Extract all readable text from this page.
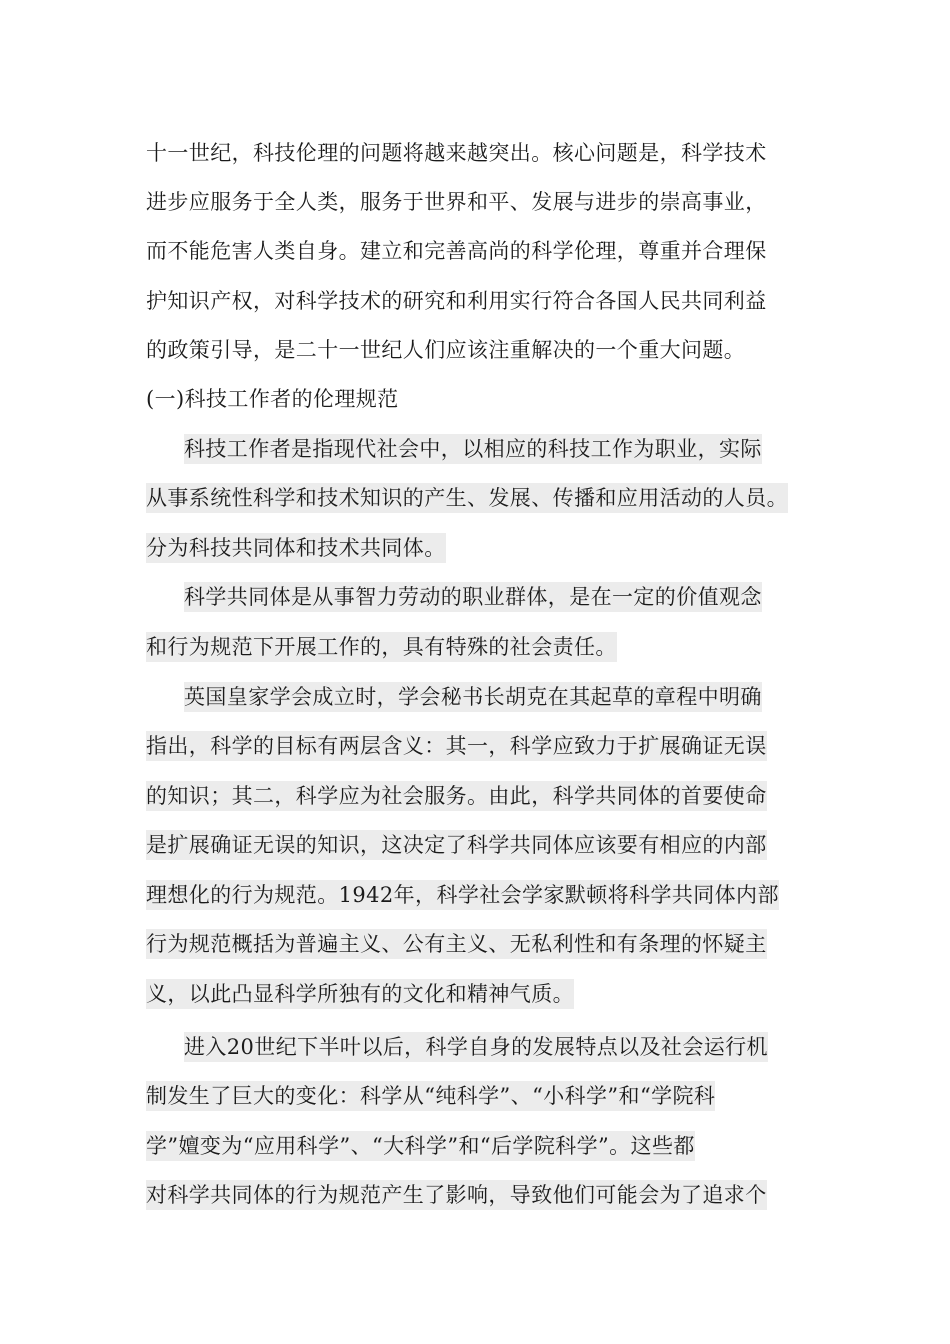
十一世纪，科技伦理的问题将越来越突出。核心问题是，科学技术
进步应服务于全人类，服务于世界和平、发展与进步的崇高事业，
而不能危害人类自身。建立和完善高尚的科学伦理，尊重并合理保
护知识产权，对科学技术的研究和利用实行符合各国人民共同利益
的政策引导，是二十一世纪人们应该注重解决的一个重大问题。
(一)科技工作者的伦理规范
科技工作者是指现代社会中，以相应的科技工作为职业，实际
从事系统性科学和技术知识的产生、发展、传播和应用活动的人员。
分为科技共同体和技术共同体。
科学共同体是从事智力劳动的职业群体，是在一定的价值观念
和行为规范下开展工作的，具有特殊的社会责任。
英国皇家学会成立时，学会秘书长胡克在其起草的章程中明确
指出，科学的目标有两层含义：其一，科学应致力于扩展确证无误
的知识；其二，科学应为社会服务。由此，科学共同体的首要使命
是扩展确证无误的知识，这决定了科学共同体应该要有相应的内部
理想化的行为规范。1942年，科学社会学家默顿将科学共同体内部
行为规范概括为普遍主义、公有主义、无私利性和有条理的怀疑主
义，以此凸显科学所独有的文化和精神气质。
进入20世纪下半叶以后，科学自身的发展特点以及社会运行机
制发生了巨大的变化：科学从“纯科学”、“小科学”和“学院科
学”嬗变为“应用科学”、“大科学”和“后学院科学”。这些都
对科学共同体的行为规范产生了影响，导致他们可能会为了追求个
